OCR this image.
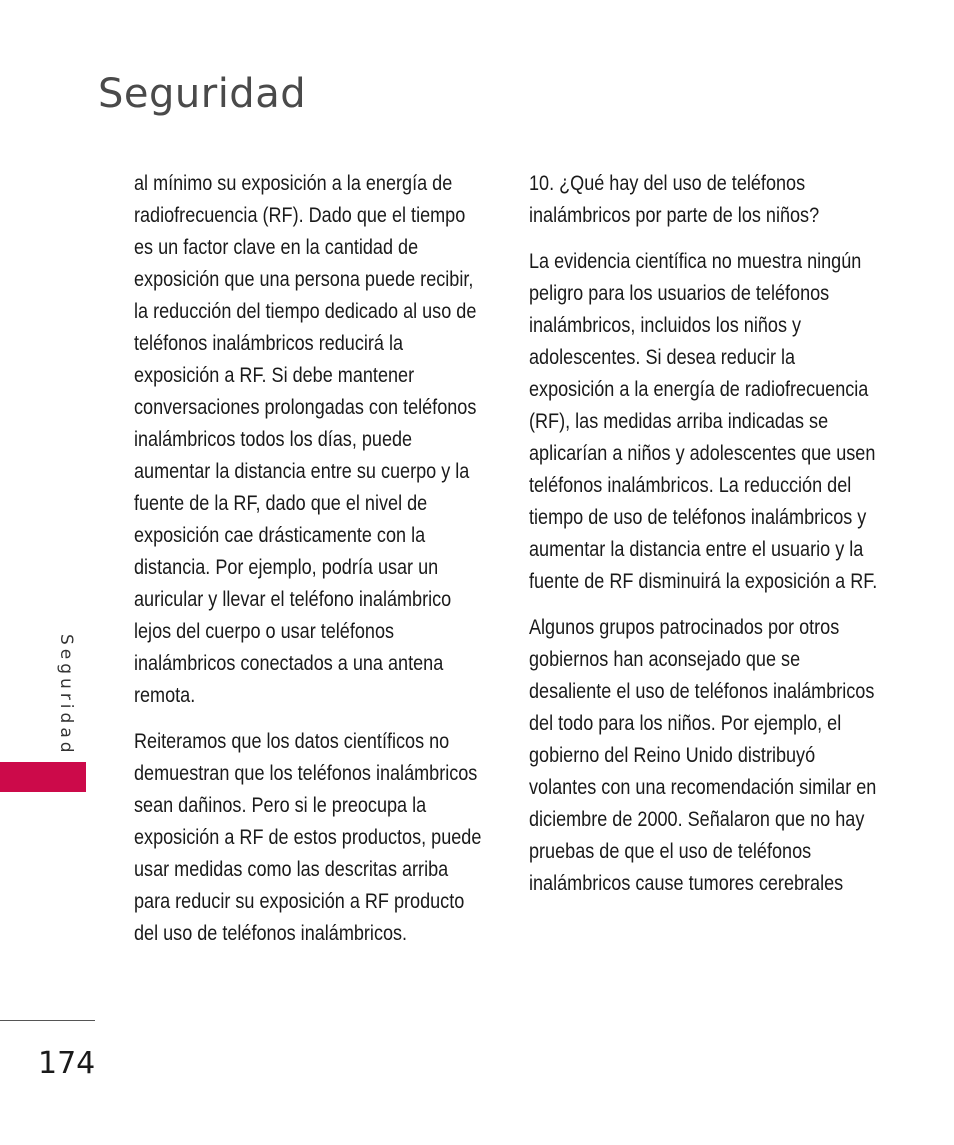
Seguridad

al mínimo su exposición a la energía de radiofrecuencia (RF). Dado que el tiempo es un factor clave en la cantidad de exposición que una persona puede recibir, la reducción del tiempo dedicado al uso de teléfonos inalámbricos reducirá la exposición a RF. Si debe mantener conversaciones prolongadas con teléfonos inalámbricos todos los días, puede aumentar la distancia entre su cuerpo y la fuente de la RF, dado que el nivel de exposición cae drásticamente con la distancia. Por ejemplo, podría usar un auricular y llevar el teléfono inalámbrico lejos del cuerpo o usar teléfonos inalámbricos conectados a una antena remota.

Reiteramos que los datos científicos no demuestran que los teléfonos inalámbricos sean dañinos. Pero si le preocupa la exposición a RF de estos productos, puede usar medidas como las descritas arriba para reducir su exposición a RF producto del uso de teléfonos inalámbricos.

10. ¿Qué hay del uso de teléfonos inalámbricos por parte de los niños?

La evidencia científica no muestra ningún peligro para los usuarios de teléfonos inalámbricos, incluidos los niños y adolescentes. Si desea reducir la exposición a la energía de radiofrecuencia (RF), las medidas arriba indicadas se aplicarían a niños y adolescentes que usen teléfonos inalámbricos. La reducción del tiempo de uso de teléfonos inalámbricos y aumentar la distancia entre el usuario y la fuente de RF disminuirá la exposición a RF.

Algunos grupos patrocinados por otros gobiernos han aconsejado que se desaliente el uso de teléfonos inalámbricos del todo para los niños. Por ejemplo, el gobierno del Reino Unido distribuyó volantes con una recomendación similar en diciembre de 2000. Señalaron que no hay pruebas de que el uso de teléfonos inalámbricos cause tumores cerebrales

Seguridad
174
